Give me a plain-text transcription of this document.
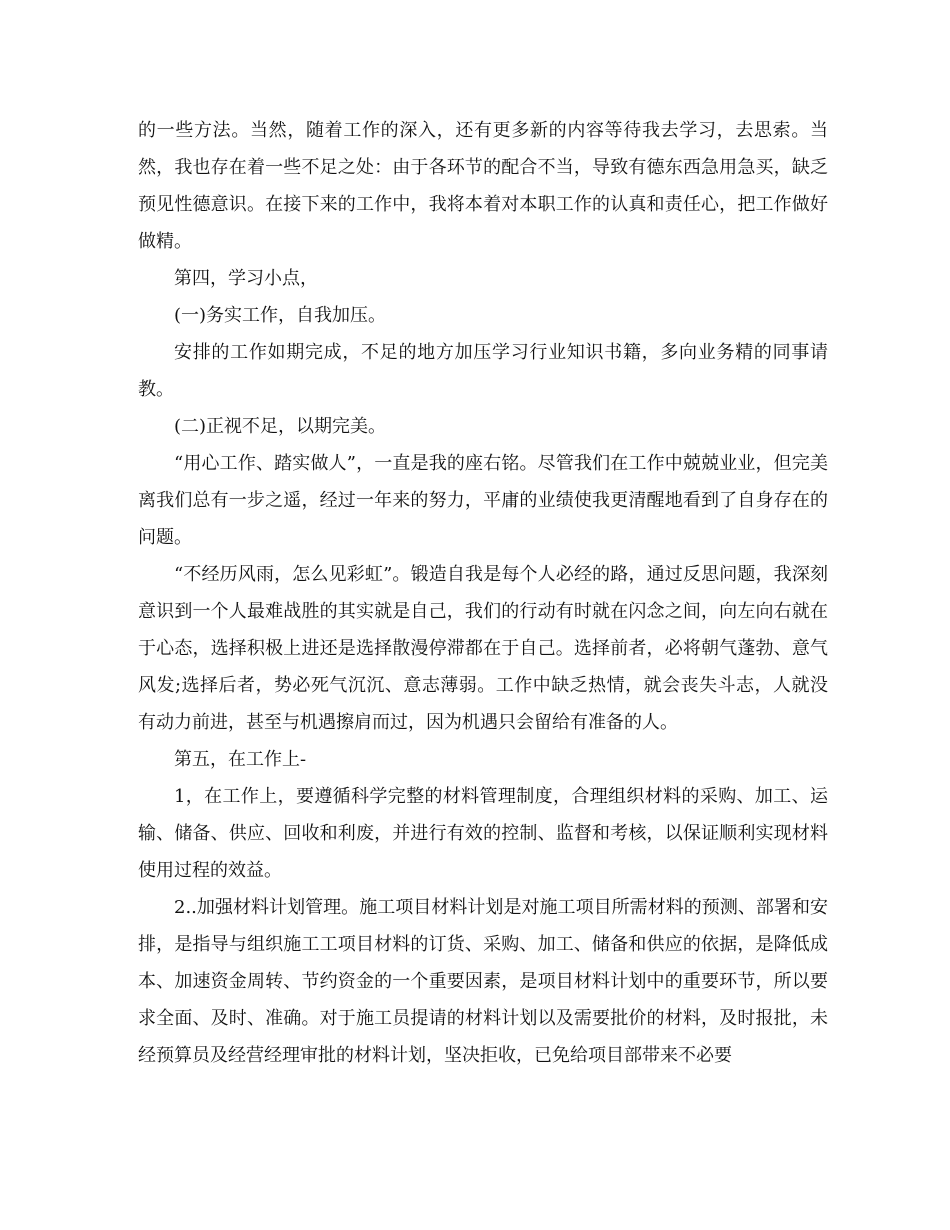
的一些方法。当然，随着工作的深入，还有更多新的内容等待我去学习，去思索。当然，我也存在着一些不足之处：由于各环节的配合不当，导致有德东西急用急买，缺乏预见性德意识。在接下来的工作中，我将本着对本职工作的认真和责任心，把工作做好做精。

第四，学习小点，

(一)务实工作，自我加压。

安排的工作如期完成，不足的地方加压学习行业知识书籍，多向业务精的同事请教。

(二)正视不足，以期完美。

“用心工作、踏实做人”，一直是我的座右铭。尽管我们在工作中兢兢业业，但完美离我们总有一步之遥，经过一年来的努力，平庸的业绩使我更清醒地看到了自身存在的问题。

“不经历风雨，怎么见彩虹”。锻造自我是每个人必经的路，通过反思问题，我深刻意识到一个人最难战胜的其实就是自己，我们的行动有时就在闪念之间，向左向右就在于心态，选择积极上进还是选择散漫停滞都在于自己。选择前者，必将朝气蓬勃、意气风发;选择后者，势必死气沉沉、意志薄弱。工作中缺乏热情，就会丧失斗志，人就没有动力前进，甚至与机遇擦肩而过，因为机遇只会留给有准备的人。

第五，在工作上-

1，在工作上，要遵循科学完整的材料管理制度，合理组织材料的采购、加工、运输、储备、供应、回收和利废，并进行有效的控制、监督和考核，以保证顺利实现材料使用过程的效益。

2..加强材料计划管理。施工项目材料计划是对施工项目所需材料的预测、部署和安排，是指导与组织施工工项目材料的订货、采购、加工、储备和供应的依据，是降低成本、加速资金周转、节约资金的一个重要因素，是项目材料计划中的重要环节，所以要求全面、及时、准确。对于施工员提请的材料计划以及需要批价的材料，及时报批，未经预算员及经营经理审批的材料计划，坚决拒收，已免给项目部带来不必要
